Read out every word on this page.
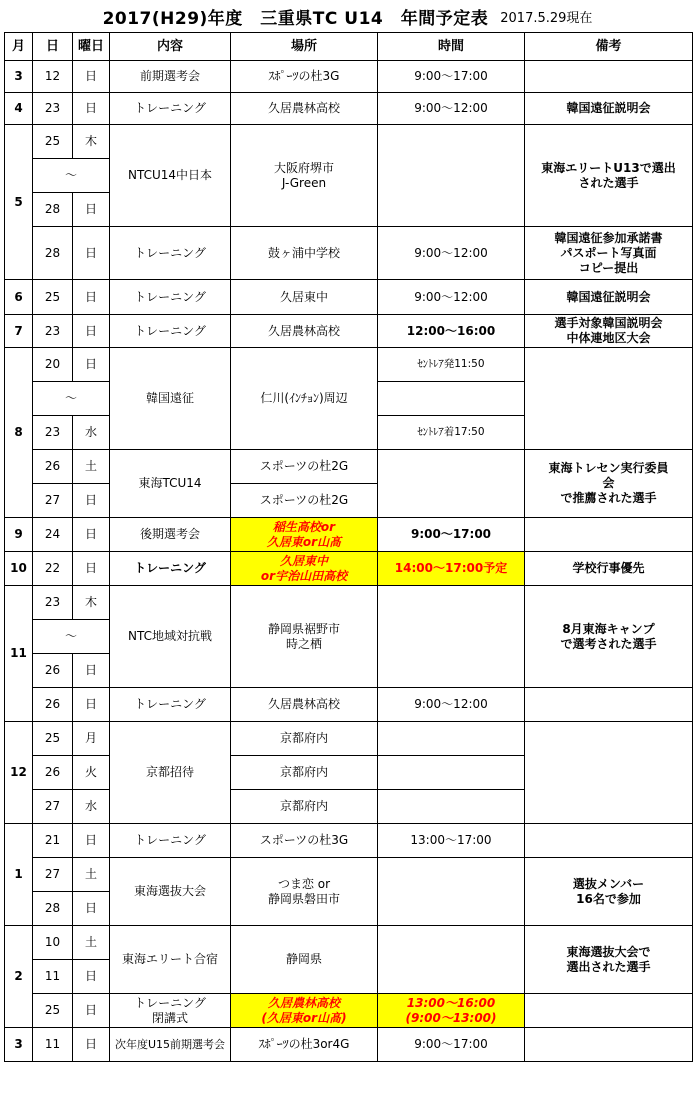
2017(H29)年度　三重県TC U14　年間予定表 2017.5.29現在
月	日	曜日	内容	場所	時間	備考
3	12	日	前期選考会	ｽﾎﾟｰﾂの杜3G	9:00～17:00	
4	23	日	トレーニング	久居農林高校	9:00～12:00	韓国遠征説明会
5	25	木	NTCU14中日本	大阪府堺市
J-Green		東海エリートU13で選出
された選手
	～					
	28	日				
	28	日	トレーニング	鼓ヶ浦中学校	9:00～12:00	韓国遠征参加承諾書
パスポート写真面
コピー提出
6	25	日	トレーニング	久居東中	9:00～12:00	韓国遠征説明会
7	23	日	トレーニング	久居農林高校	12:00～16:00	選手対象韓国説明会
中体連地区大会
8	20	日	韓国遠征	仁川(ｲﾝﾁｮﾝ)周辺	ｾﾝﾄﾚｱ発11:50	
	～					
	23	水			ｾﾝﾄﾚｱ着17:50	
	26	土	東海TCU14	スポーツの杜2G		東海トレセン実行委員
会
で推薦された選手
	27	日		スポーツの杜2G		
9	24	日	後期選考会	稲生高校or
久居東or山髙	9:00～17:00	
10	22	日	トレーニング	久居東中
or宇治山田高校	14:00～17:00予定	学校行事優先
11	23	木	NTC地域対抗戦	静岡県裾野市
時之栖		8月東海キャンプ
で選考された選手
	～					
	26	日				
	26	日	トレーニング	久居農林高校	9:00～12:00	
12	25	月	京都招待	京都府内		
	26	火		京都府内		
	27	水		京都府内		
1	21	日	トレーニング	スポーツの杜3G	13:00～17:00	
	27	土	東海選抜大会	つま恋 or
静岡県磐田市		選抜メンバー
16名で参加
	28	日				
2	10	土	東海エリート合宿	静岡県		東海選抜大会で
選出された選手
	11	日				
	25	日	トレーニング
閉講式	久居農林高校
(久居東or山髙)	13:00～16:00
(9:00～13:00)	
3	11	日	次年度U15前期選考会	ｽﾎﾟｰﾂの杜3or4G	9:00～17:00	
